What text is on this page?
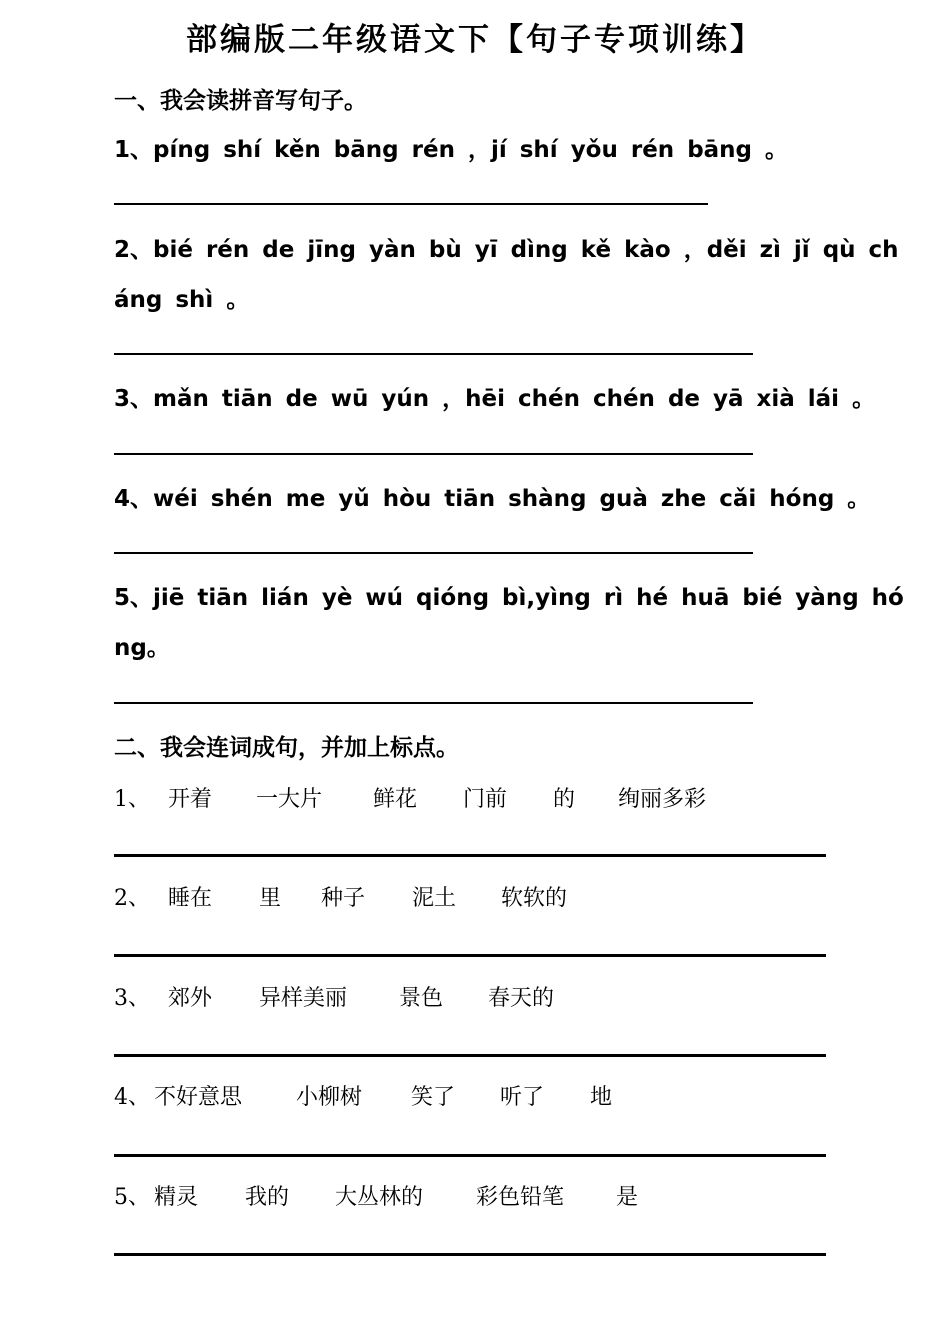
部编版二年级语文下【句子专项训练】
一、我会读拼音写句子。
1、píng shí kěn bāng rén ，jí shí yǒu rén bāng 。
2、bié rén de jīng yàn bù yī dìng kě kào ，děi zì jǐ qù ch
áng shì 。
3、mǎn tiān de wū yún ，hēi chén chén de yā xià lái 。
4、wéi shén me yǔ hòu tiān shàng guà zhe cǎi hóng 。
5、jiē tiān lián yè wú qióng bì,yìng rì hé huā bié yàng hó
ng。
二、我会连词成句，并加上标点。
1、 开着 一大片 鲜花 门前 的 绚丽多彩
2、 睡在 里 种子 泥土 软软的
3、 郊外 异样美丽 景色 春天的
4、 不好意思 小柳树 笑了 听了 地
5、 精灵 我的 大丛林的 彩色铅笔 是
